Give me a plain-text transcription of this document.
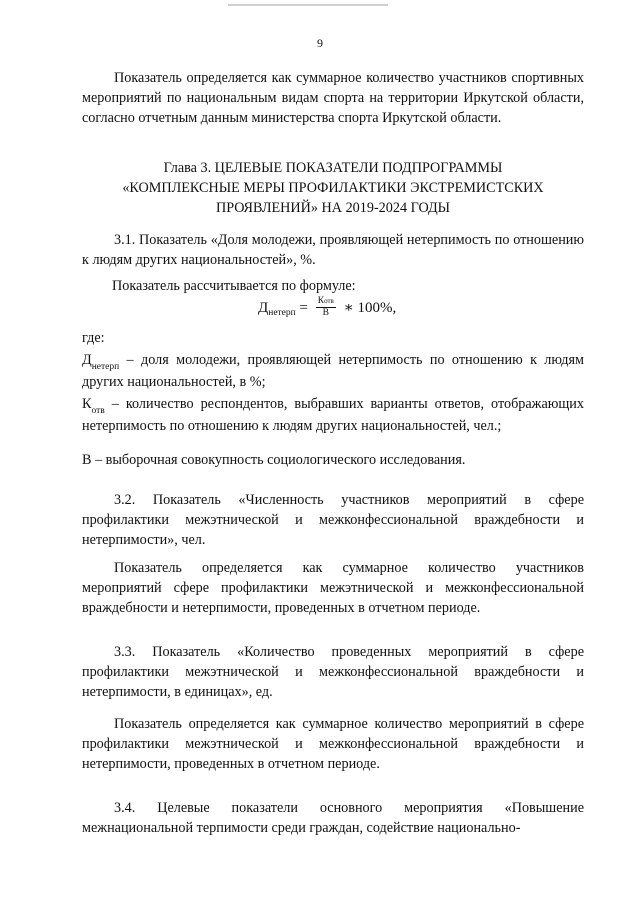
9

Показатель определяется как суммарное количество участников спортивных мероприятий по национальным видам спорта на территории Иркутской области, согласно отчетным данным министерства спорта Иркутской области.

Глава 3. ЦЕЛЕВЫЕ ПОКАЗАТЕЛИ ПОДПРОГРАММЫ
«КОМПЛЕКСНЫЕ МЕРЫ ПРОФИЛАКТИКИ ЭКСТРЕМИСТСКИХ
ПРОЯВЛЕНИЙ» НА 2019-2024 ГОДЫ

3.1. Показатель «Доля молодежи, проявляющей нетерпимость по отношению к людям других национальностей», %.

Показатель рассчитывается по формуле:

Д нетерп = $\frac{\text{Котв}}{В}$ ∗ 100%,

где:

$Д_{нетерп}$ – доля молодежи, проявляющей нетерпимость по отношению к людям других национальностей, в %;

$К_{отв}$ – количество респондентов, выбравших варианты ответов, отображающих нетерпимость по отношению к людям других национальностей, чел.;

В – выборочная совокупность социологического исследования.

3.2. Показатель «Численность участников мероприятий в сфере профилактики межэтнической и межконфессиональной враждебности и нетерпимости», чел.

Показатель определяется как суммарное количество участников мероприятий сфере профилактики межэтнической и межконфессиональной враждебности и нетерпимости, проведенных в отчетном периоде.

3.3. Показатель «Количество проведенных мероприятий в сфере профилактики межэтнической и межконфессиональной враждебности и нетерпимости, в единицах», ед.

Показатель определяется как суммарное количество мероприятий в сфере профилактики межэтнической и межконфессиональной враждебности и нетерпимости, проведенных в отчетном периоде.

3.4. Целевые показатели основного мероприятия «Повышение межнациональной терпимости среди граждан, содействие национально-
